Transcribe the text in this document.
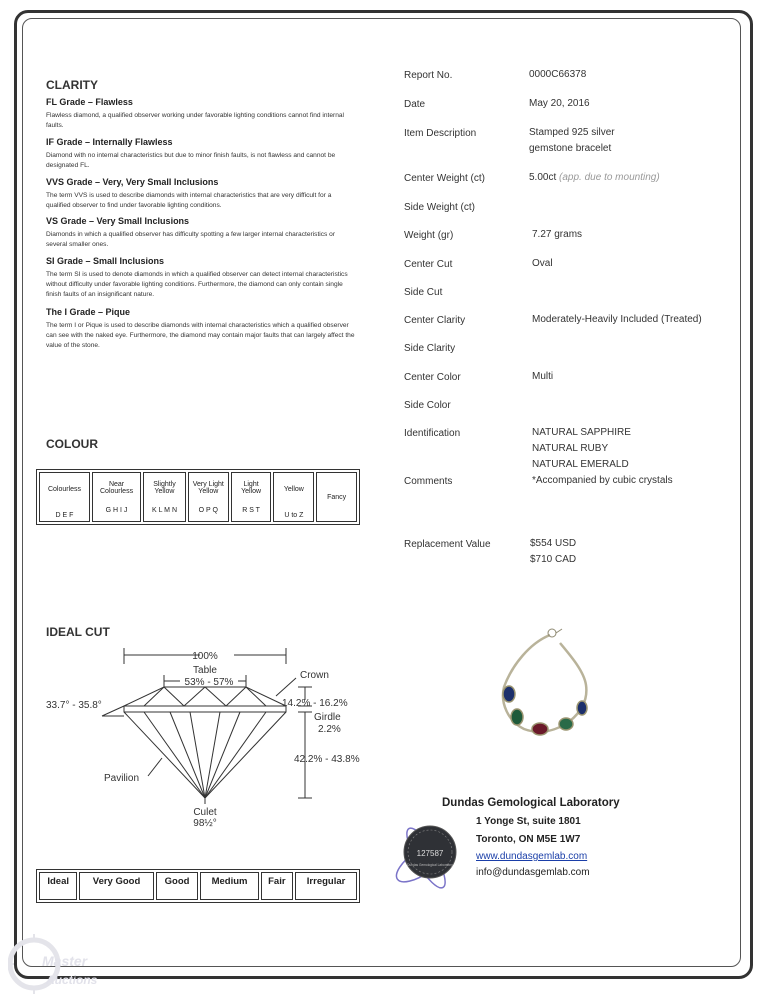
CLARITY
FL Grade – Flawless
Flawless diamond, a qualified observer working under favorable lighting conditions cannot find internal faults.
IF Grade – Internally Flawless
Diamond with no internal characteristics but due to minor finish faults, is not flawless and cannot be designated FL.
VVS Grade – Very, Very Small Inclusions
The term VVS is used to describe diamonds with internal characteristics that are very difficult for a qualified observer to find under favorable lighting conditions.
VS Grade – Very Small Inclusions
Diamonds in which a qualified observer has difficulty spotting a few larger internal characteristics or several smaller ones.
SI Grade – Small Inclusions
The term SI is used to denote diamonds in which a qualified observer can detect internal characteristics without difficulty under favorable lighting conditions. Furthermore, the diamond can only contain single finish faults of an insignificant nature.
The I Grade – Pique
The term I or Pique is used to describe diamonds with internal characteristics which a qualified observer can see with the naked eye. Furthermore, the diamond may contain major faults that can largely affect the value of the stone.
COLOUR
Colourless
D E F

Near Colourless
G H I J

Slightly Yellow
K L M N

Very Light Yellow
O P Q

Light Yellow
R S T

Yellow
U to Z

Fancy
IDEAL CUT
100%
Table
53% - 57%
Crown
33.7° - 35.8°	14.2% - 16.2%
Girdle
2.2%
42.2% - 43.8%
Pavilion
Culet
98½°
Ideal	Very Good	Good	Medium	Fair	Irregular
Report No.	0000C66378
Date	May 20, 2016
Item Description	Stamped 925 silver
gemstone bracelet
Center Weight (ct)	5.00ct (app. due to mounting)
Side Weight (ct)
Weight (gr)	7.27 grams
Center Cut	Oval
Side Cut
Center Clarity	Moderately-Heavily Included (Treated)
Side Clarity
Center Color	Multi
Side Color
Identification	NATURAL SAPPHIRE
NATURAL RUBY
NATURAL EMERALD
Comments	*Accompanied by cubic crystals
Replacement Value	$554 USD
$710 CAD
127587
Dundas Gemological Laboratory
Dundas Gemological Laboratory
1 Yonge St, suite 1801
Toronto, ON M5E 1W7
www.dundasgemlab.com
info@dundasgemlab.com
Master
Auctions
